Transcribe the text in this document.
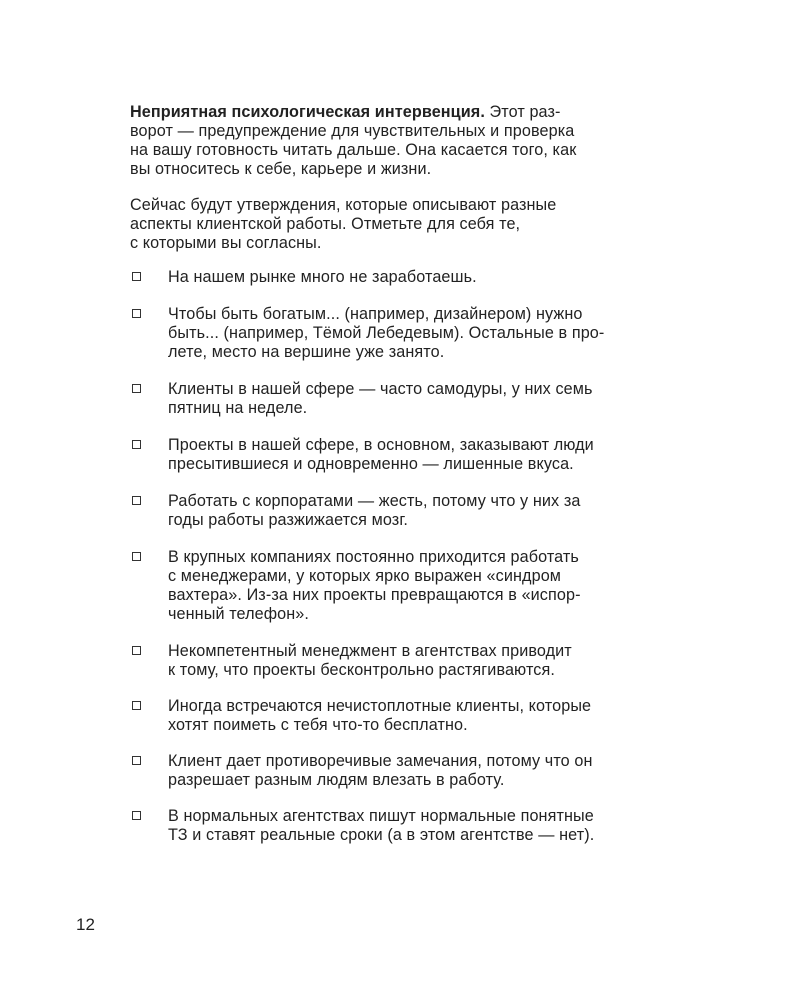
Неприятная психологическая интервенция. Этот раз-
ворот — предупреждение для чувствительных и проверка
на вашу готовность читать дальше. Она касается того, как
вы относитесь к себе, карьере и жизни.
Сейчас будут утверждения, которые описывают разные
аспекты клиентской работы. Отметьте для себя те,
с которыми вы согласны.
На нашем рынке много не заработаешь.
Чтобы быть богатым... (например, дизайнером) нужно
быть... (например, Тёмой Лебедевым). Остальные в про-
лете, место на вершине уже занято.
Клиенты в нашей сфере — часто самодуры, у них семь
пятниц на неделе.
Проекты в нашей сфере, в основном, заказывают люди
пресытившиеся и одновременно — лишенные вкуса.
Работать с корпоратами — жесть, потому что у них за
годы работы разжижается мозг.
В крупных компаниях постоянно приходится работать
с менеджерами, у которых ярко выражен «синдром
вахтера». Из-за них проекты превращаются в «испор-
ченный телефон».
Некомпетентный менеджмент в агентствах приводит
к тому, что проекты бесконтрольно растягиваются.
Иногда встречаются нечистоплотные клиенты, которые
хотят поиметь с тебя что-то бесплатно.
Клиент дает противоречивые замечания, потому что он
разрешает разным людям влезать в работу.
В нормальных агентствах пишут нормальные понятные
ТЗ и ставят реальные сроки (а в этом агентстве — нет).
12
